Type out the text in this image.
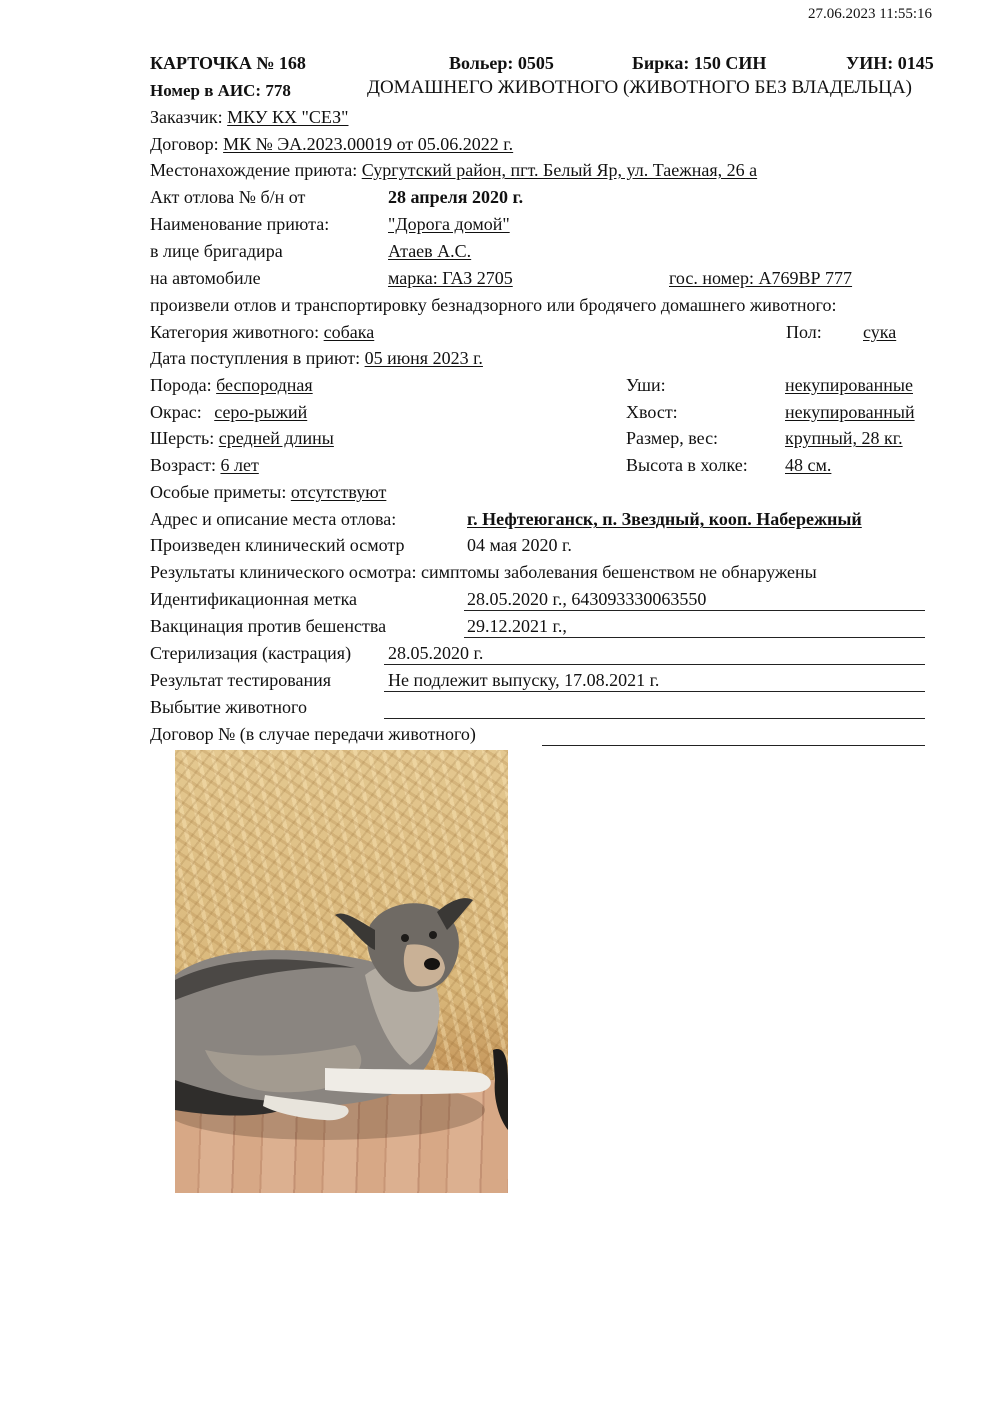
27.06.2023 11:55:16
КАРТОЧКА № 168	Вольер: 0505	Бирка: 150 СИН	УИН: 0145
Номер в АИС: 778	ДОМАШНЕГО ЖИВОТНОГО (ЖИВОТНОГО БЕЗ ВЛАДЕЛЬЦА)
Заказчик: МКУ КХ "СЕЗ"
Договор: МК № ЭА.2023.00019 от 05.06.2022 г.
Местонахождение приюта: Сургутский район, пгт. Белый Яр, ул. Таежная, 26 а
Акт отлова № б/н от	28 апреля 2020 г.
Наименование приюта:	"Дорога домой"
в лице бригадира	Атаев А.С.
на автомобиле	марка: ГАЗ 2705	гос. номер: А769ВР 777
произвели отлов и транспортировку безнадзорного или бродячего домашнего животного:
Категория животного: собака	Пол: сука
Дата поступления в приют: 05 июня 2023 г.
Порода: беспородная	Уши:	некупированные
Окрас: серо-рыжий	Хвост:	некупированный
Шерсть: средней длины	Размер, вес:	крупный, 28 кг.
Возраст: 6 лет	Высота в холке: 48 см.
Особые приметы: отсутствуют
Адрес и описание места отлова:	г. Нефтеюганск, п. Звездный, кооп. Набережный
Произведен клинический осмотр	04 мая 2020 г.
Результаты клинического осмотра: симптомы заболевания бешенством не обнаружены
Идентификационная метка	28.05.2020 г., 643093330063550
Вакцинация против бешенства	29.12.2021 г.,
Стерилизация (кастрация) 28.05.2020 г.
Результат тестирования	Не подлежит выпуску, 17.08.2021 г.
Выбытие животного
Договор № (в случае передачи животного)
